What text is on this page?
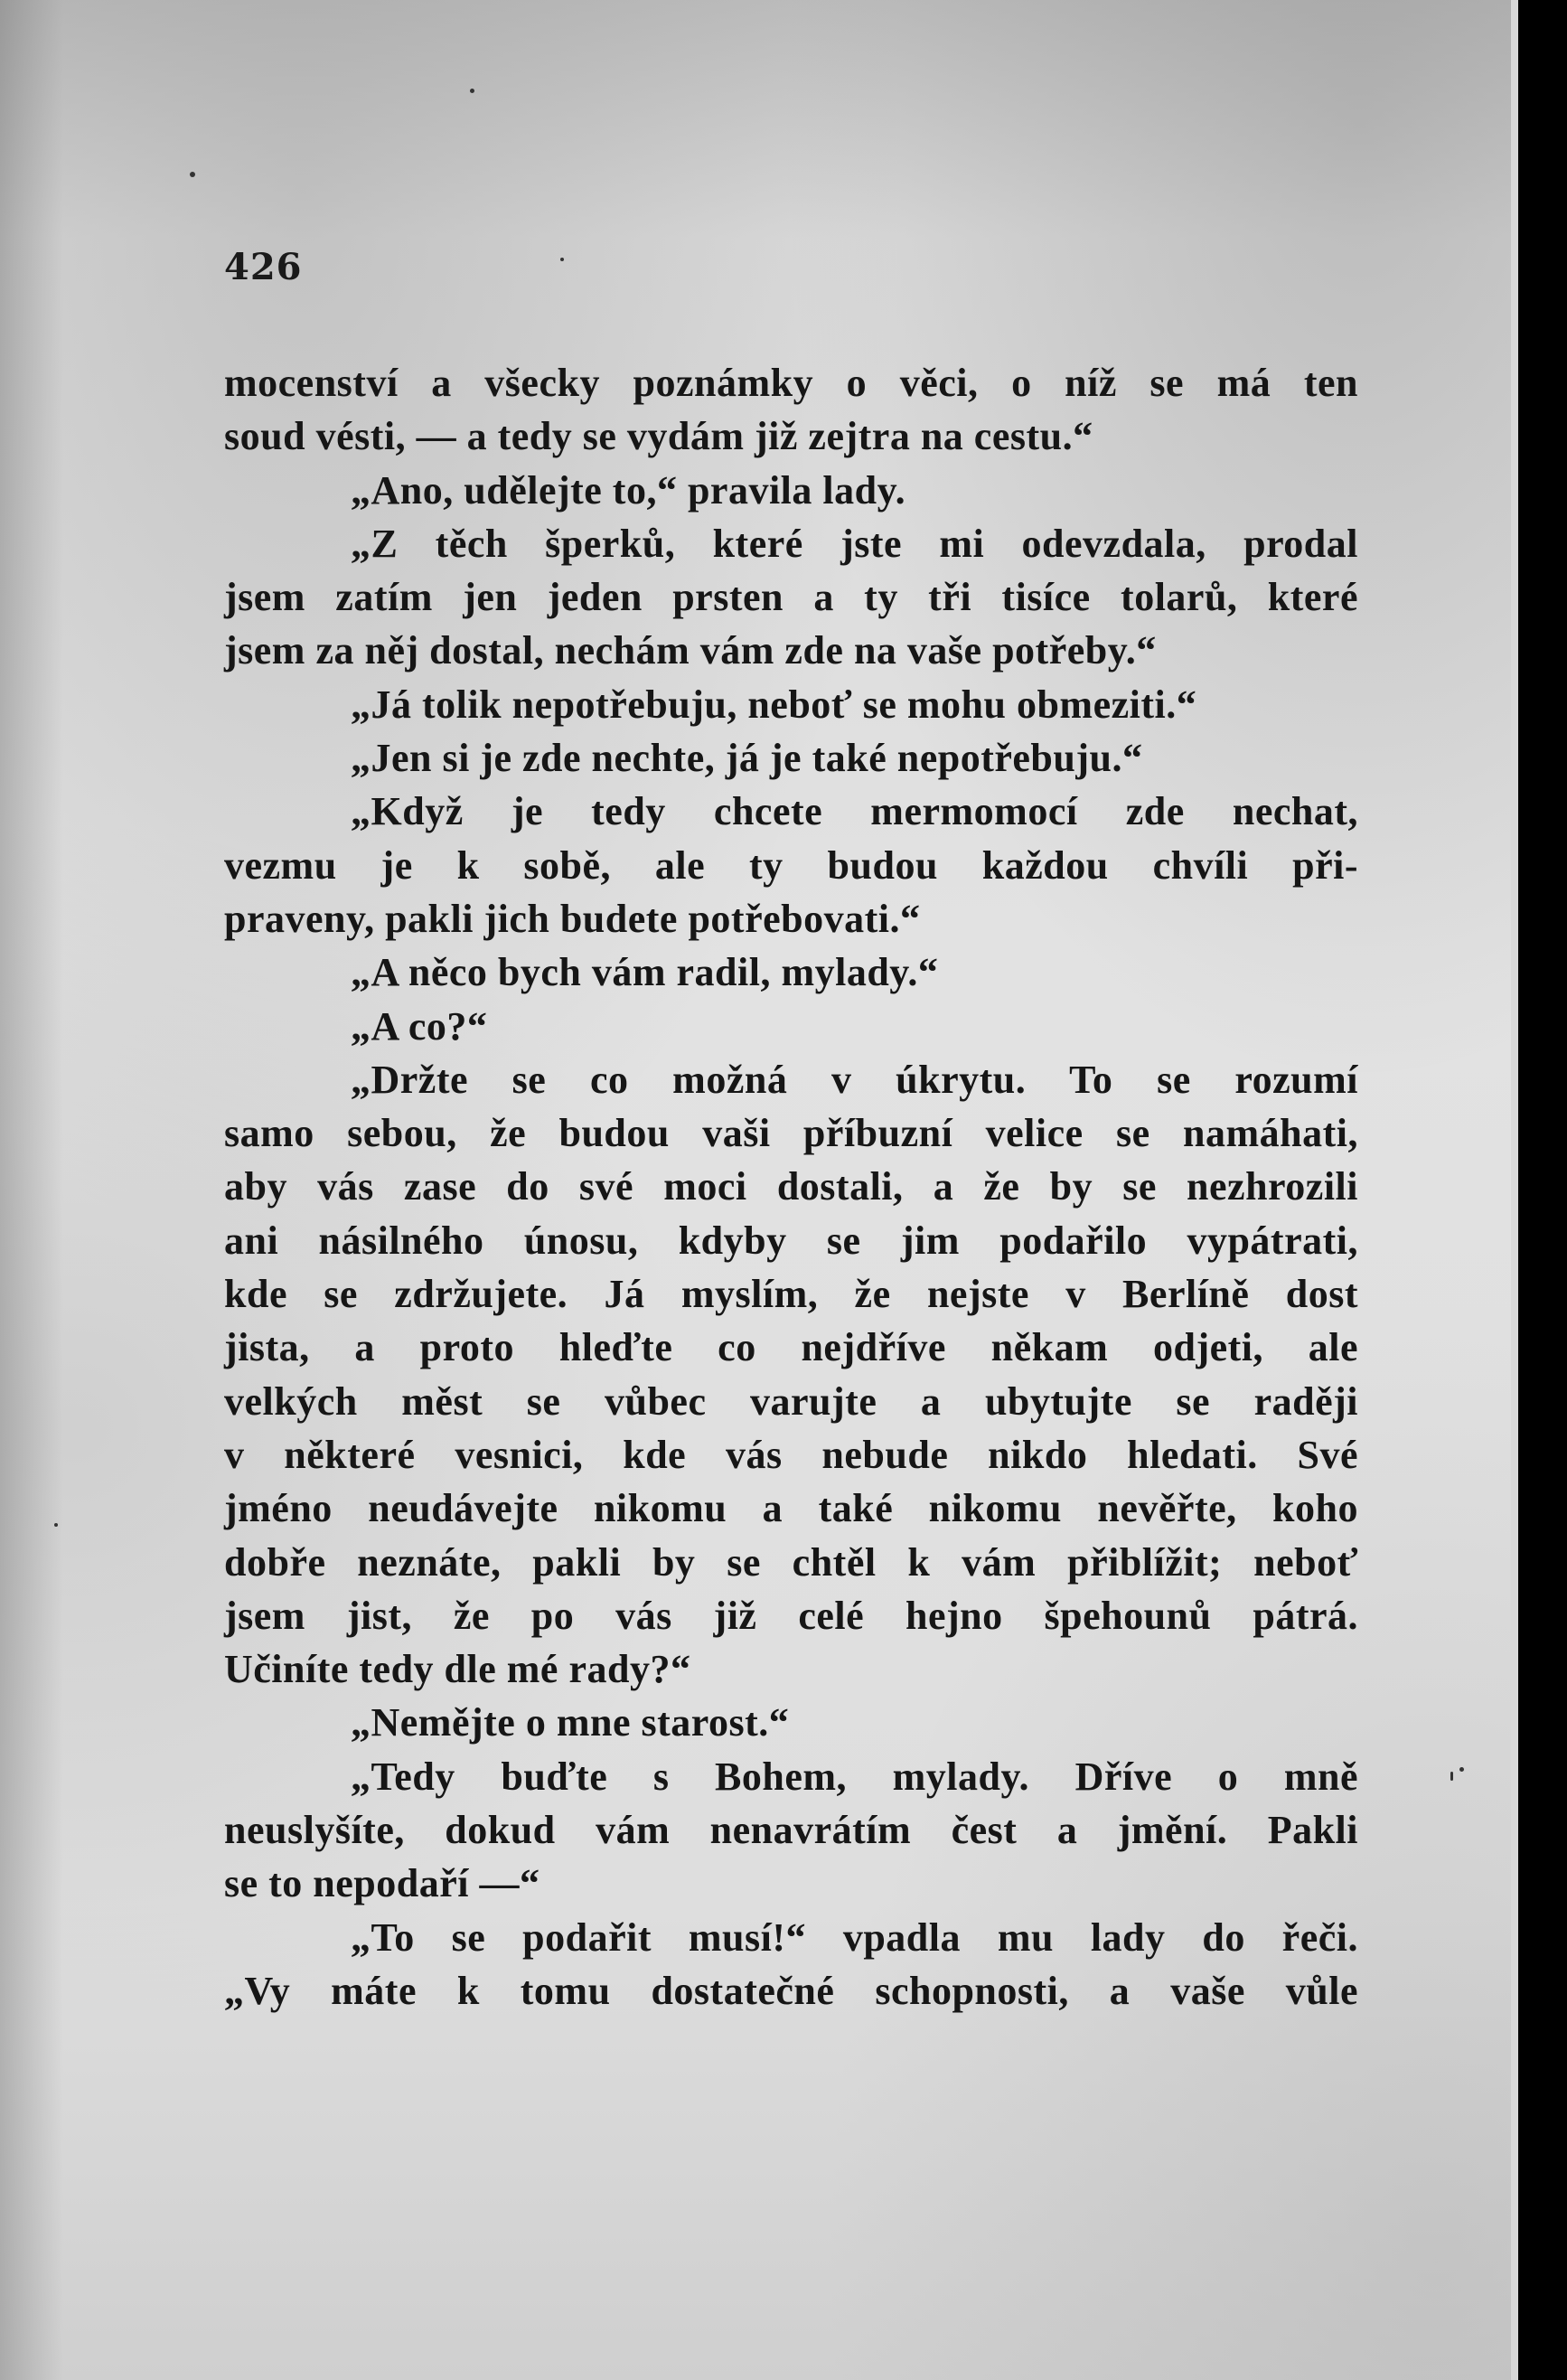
426
mocenství a všecky poznámky o věci, o níž se má ten
soud vésti, — a tedy se vydám již zejtra na cestu.“
„Ano, udělejte to,“ pravila lady.
„Z těch šperků, které jste mi odevzdala, prodal
jsem zatím jen jeden prsten a ty tři tisíce tolarů, které
jsem za něj dostal, nechám vám zde na vaše potřeby.“
„Já tolik nepotřebuju, neboť se mohu obmeziti.“
„Jen si je zde nechte, já je také nepotřebuju.“
„Když je tedy chcete mermomocí zde nechat,
vezmu je k sobě, ale ty budou každou chvíli při-
praveny, pakli jich budete potřebovati.“
„A něco bych vám radil, mylady.“
„A co?“
„Držte se co možná v úkrytu. To se rozumí
samo sebou, že budou vaši příbuzní velice se namáhati,
aby vás zase do své moci dostali, a že by se nezhrozili
ani násilného únosu, kdyby se jim podařilo vypátrati,
kde se zdržujete. Já myslím, že nejste v Berlíně dost
jista, a proto hleďte co nejdříve někam odjeti, ale
velkých měst se vůbec varujte a ubytujte se raději
v některé vesnici, kde vás nebude nikdo hledati. Své
jméno neudávejte nikomu a také nikomu nevěřte, koho
dobře neznáte, pakli by se chtěl k vám přiblížit; neboť
jsem jist, že po vás již celé hejno špehounů pátrá.
Učiníte tedy dle mé rady?“
„Nemějte o mne starost.“
„Tedy buďte s Bohem, mylady. Dříve o mně
neuslyšíte, dokud vám nenavrátím čest a jmění. Pakli
se to nepodaří —“
„To se podařit musí!“ vpadla mu lady do řeči.
„Vy máte k tomu dostatečné schopnosti, a vaše vůle
